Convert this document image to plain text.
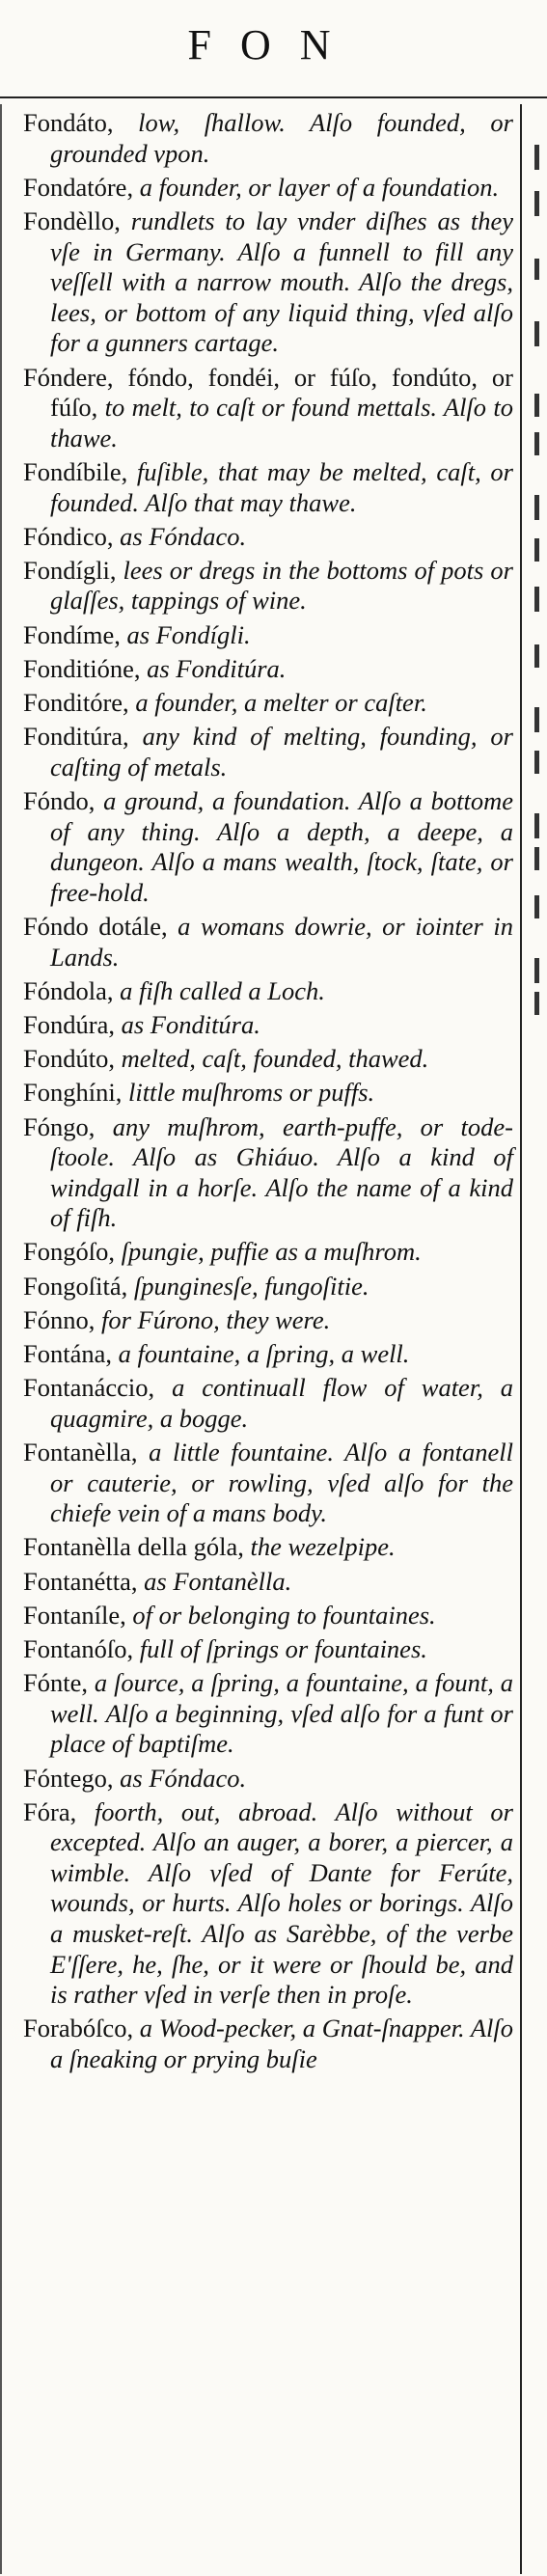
FON

Fondáto, low, ſhallow. Alſo founded, or grounded vpon.

Fondatóre, a founder, or layer of a foundation.

Fondèllo, rundlets to lay vnder diſhes as they vſe in Germany. Alſo a funnell to fill any veſſell with a narrow mouth. Alſo the dregs, lees, or bottom of any liquid thing, vſed alſo for a gunners cartage.

Fóndere, fóndo, fondéi, or fúſo, fondúto, or fúſo, to melt, to caſt or found mettals. Alſo to thawe.

Fondíbile, fuſible, that may be melted, caſt, or founded. Alſo that may thawe.

Fóndico, as Fóndaco.

Fondígli, lees or dregs in the bottoms of pots or glaſſes, tappings of wine.

Fondíme, as Fondígli.

Fonditióne, as Fonditúra.

Fonditóre, a founder, a melter or caſter.

Fonditúra, any kind of melting, founding, or caſting of metals.

Fóndo, a ground, a foundation. Alſo a bottome of any thing. Alſo a depth, a deepe, a dungeon. Alſo a mans wealth, ſtock, ſtate, or free-hold.

Fóndo dotále, a womans dowrie, or iointer in Lands.

Fóndola, a fiſh called a Loch.

Fondúra, as Fonditúra.

Fondúto, melted, caſt, founded, thawed.

Fonghíni, little muſhroms or puffs.

Fóngo, any muſhrom, earth-puffe, or tode-ſtoole. Alſo as Ghiáuo. Alſo a kind of windgall in a horſe. Alſo the name of a kind of fiſh.

Fongóſo, ſpungie, puffie as a muſhrom.

Fongoſitá, ſpunginesſe, fungoſitie.

Fónno, for Fúrono, they were.

Fontána, a fountaine, a ſpring, a well.

Fontanáccio, a continuall flow of water, a quagmire, a bogge.

Fontanèlla, a little fountaine. Alſo a fontanell or cauterie, or rowling, vſed alſo for the chiefe vein of a mans body.

Fontanèlla della góla, the wezelpipe.

Fontanétta, as Fontanèlla.

Fontaníle, of or belonging to fountaines.

Fontanóſo, full of ſprings or fountaines.

Fónte, a ſource, a ſpring, a fountaine, a fount, a well. Alſo a beginning, vſed alſo for a funt or place of baptiſme.

Fóntego, as Fóndaco.

Fóra, foorth, out, abroad. Alſo without or excepted. Alſo an auger, a borer, a piercer, a wimble. Alſo vſed of Dante for Ferúte, wounds, or hurts. Alſo holes or borings. Alſo a musket-reſt. Alſo as Sarèbbe, of the verbe E'ſſere, he, ſhe, or it were or ſhould be, and is rather vſed in verſe then in proſe.

Forabóſco, a Wood-pecker, a Gnat-ſnapper. Alſo a ſneaking or prying buſie
